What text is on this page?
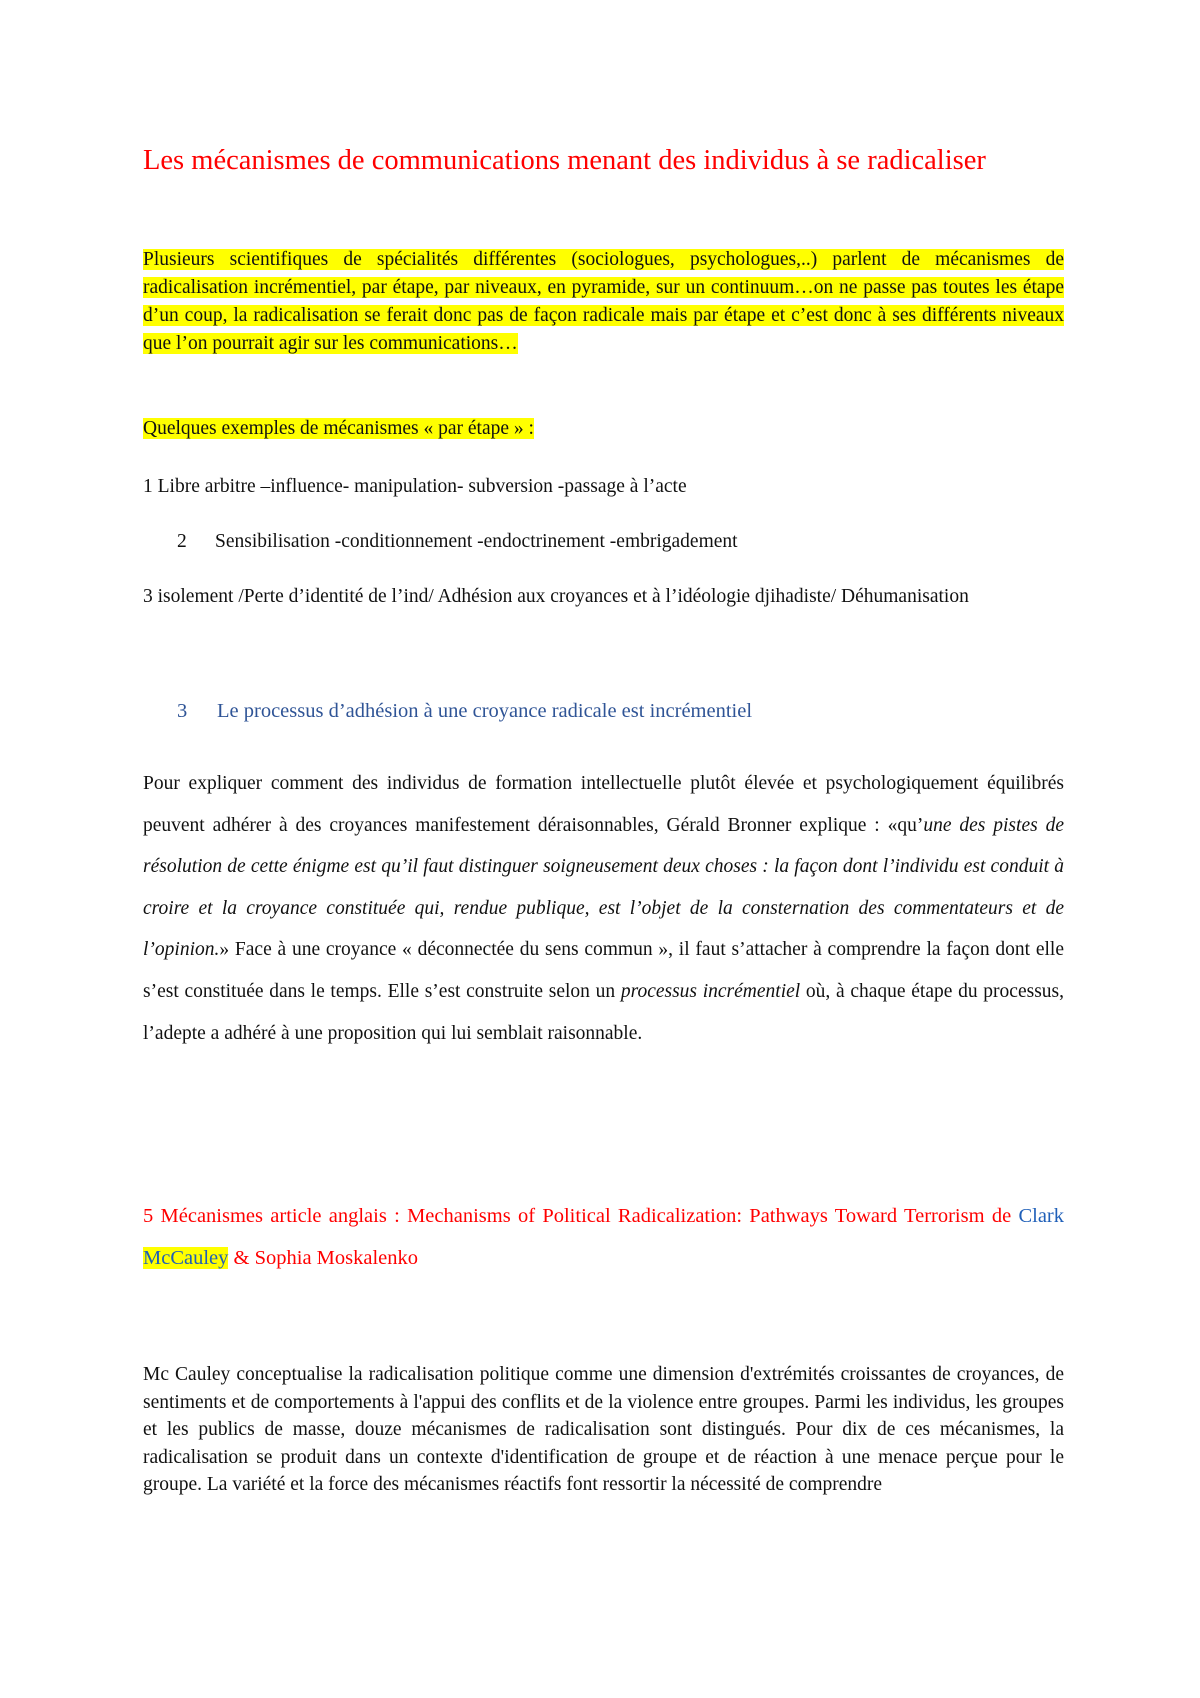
Les mécanismes de communications menant des individus à se radicaliser

Plusieurs scientifiques de spécialités différentes (sociologues, psychologues,..) parlent de mécanismes de radicalisation incrémentiel, par étape, par niveaux, en pyramide, sur un continuum…on ne passe pas toutes les étape d’un coup, la radicalisation se ferait donc pas de façon radicale mais par étape et c’est donc à ses différents niveaux que l’on pourrait agir sur les communications…

Quelques exemples de mécanismes « par étape » :

1 Libre arbitre –influence- manipulation- subversion -passage à l’acte

2 Sensibilisation -conditionnement -endoctrinement -embrigadement

3 isolement /Perte d’identité de l’ind/ Adhésion aux croyances et à l’idéologie djihadiste/ Déhumanisation

3 Le processus d’adhésion à une croyance radicale est incrémentiel

Pour expliquer comment des individus de formation intellectuelle plutôt élevée et psychologiquement équilibrés peuvent adhérer à des croyances manifestement déraisonnables, Gérald Bronner explique : «qu’une des pistes de résolution de cette énigme est qu’il faut distinguer soigneusement deux choses : la façon dont l’individu est conduit à croire et la croyance constituée qui, rendue publique, est l’objet de la consternation des commentateurs et de l’opinion.» Face à une croyance « déconnectée du sens commun », il faut s’attacher à comprendre la façon dont elle s’est constituée dans le temps. Elle s’est construite selon un processus incrémentiel où, à chaque étape du processus, l’adepte a adhéré à une proposition qui lui semblait raisonnable.

5 Mécanismes article anglais : Mechanisms of Political Radicalization: Pathways Toward Terrorism de Clark McCauley & Sophia Moskalenko

Mc Cauley conceptualise la radicalisation politique comme une dimension d'extrémités croissantes de croyances, de sentiments et de comportements à l'appui des conflits et de la violence entre groupes. Parmi les individus, les groupes et les publics de masse, douze mécanismes de radicalisation sont distingués. Pour dix de ces mécanismes, la radicalisation se produit dans un contexte d'identification de groupe et de réaction à une menace perçue pour le groupe. La variété et la force des mécanismes réactifs font ressortir la nécessité de comprendre
